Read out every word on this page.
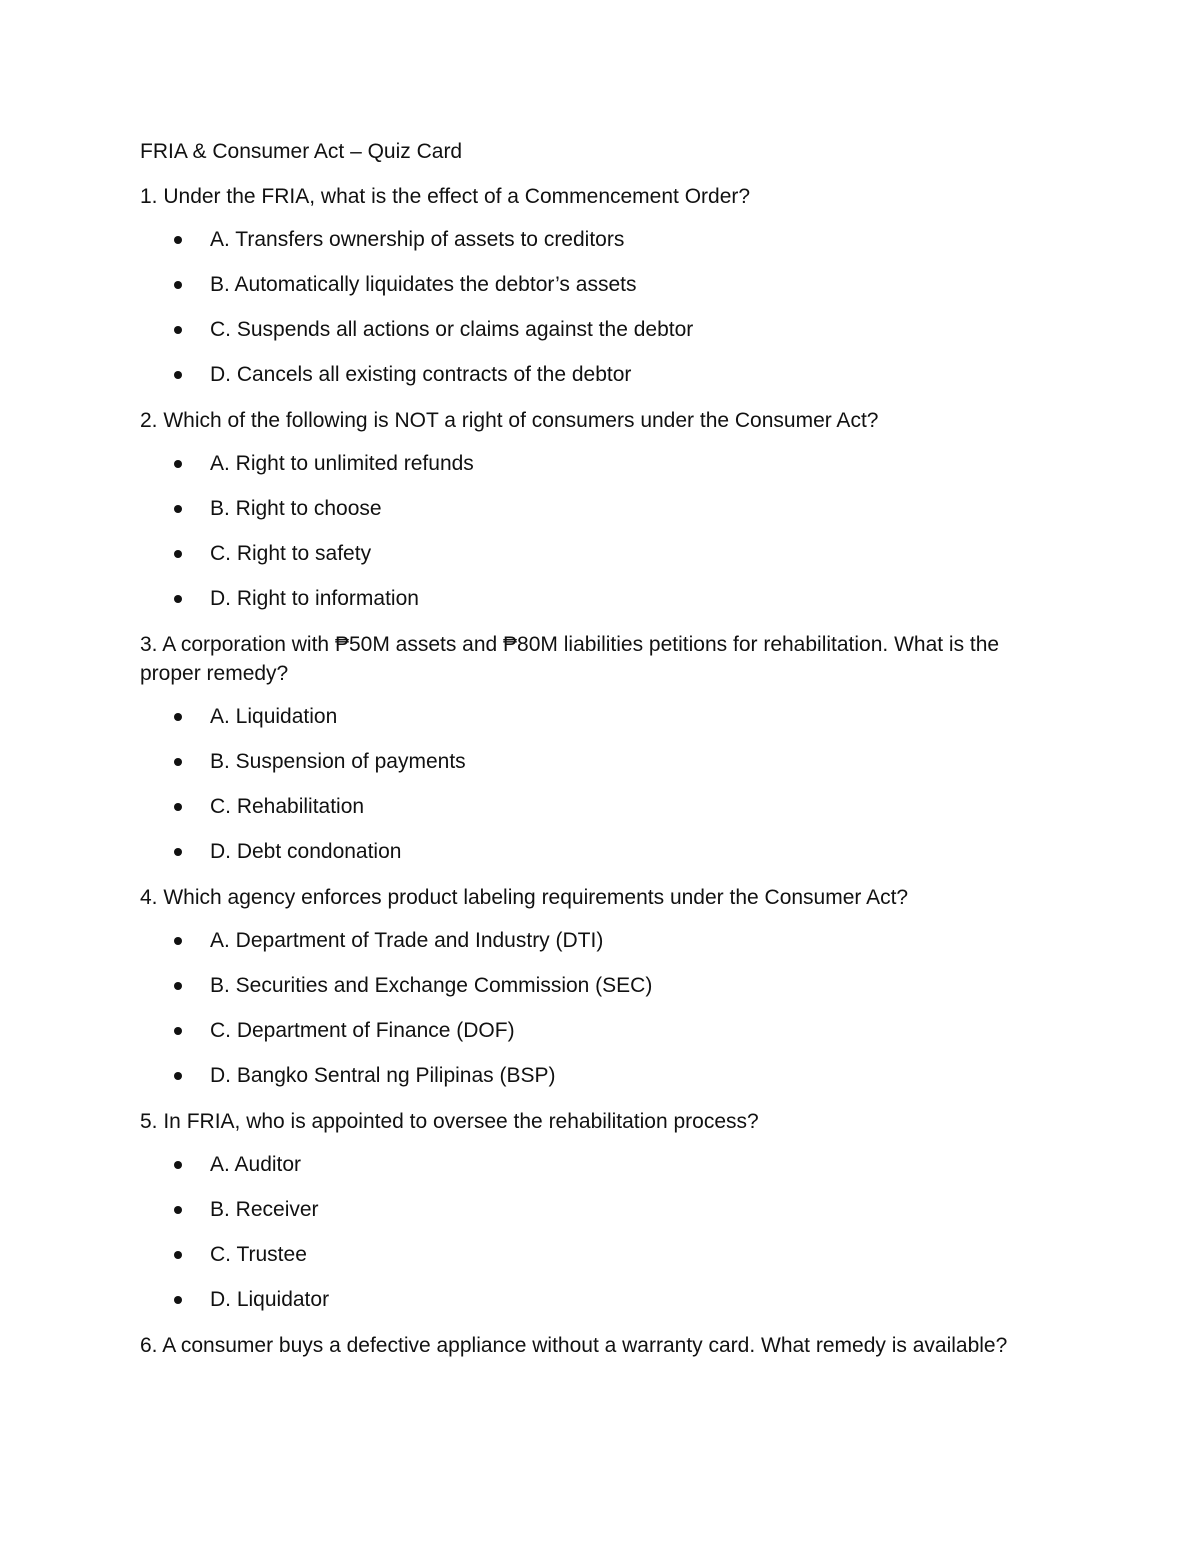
FRIA & Consumer Act – Quiz Card
1. Under the FRIA, what is the effect of a Commencement Order?
A. Transfers ownership of assets to creditors
B. Automatically liquidates the debtor’s assets
C. Suspends all actions or claims against the debtor
D. Cancels all existing contracts of the debtor
2. Which of the following is NOT a right of consumers under the Consumer Act?
A. Right to unlimited refunds
B. Right to choose
C. Right to safety
D. Right to information
3. A corporation with ₱50M assets and ₱80M liabilities petitions for rehabilitation. What is the proper remedy?
A. Liquidation
B. Suspension of payments
C. Rehabilitation
D. Debt condonation
4. Which agency enforces product labeling requirements under the Consumer Act?
A. Department of Trade and Industry (DTI)
B. Securities and Exchange Commission (SEC)
C. Department of Finance (DOF)
D. Bangko Sentral ng Pilipinas (BSP)
5. In FRIA, who is appointed to oversee the rehabilitation process?
A. Auditor
B. Receiver
C. Trustee
D. Liquidator
6. A consumer buys a defective appliance without a warranty card. What remedy is available?
